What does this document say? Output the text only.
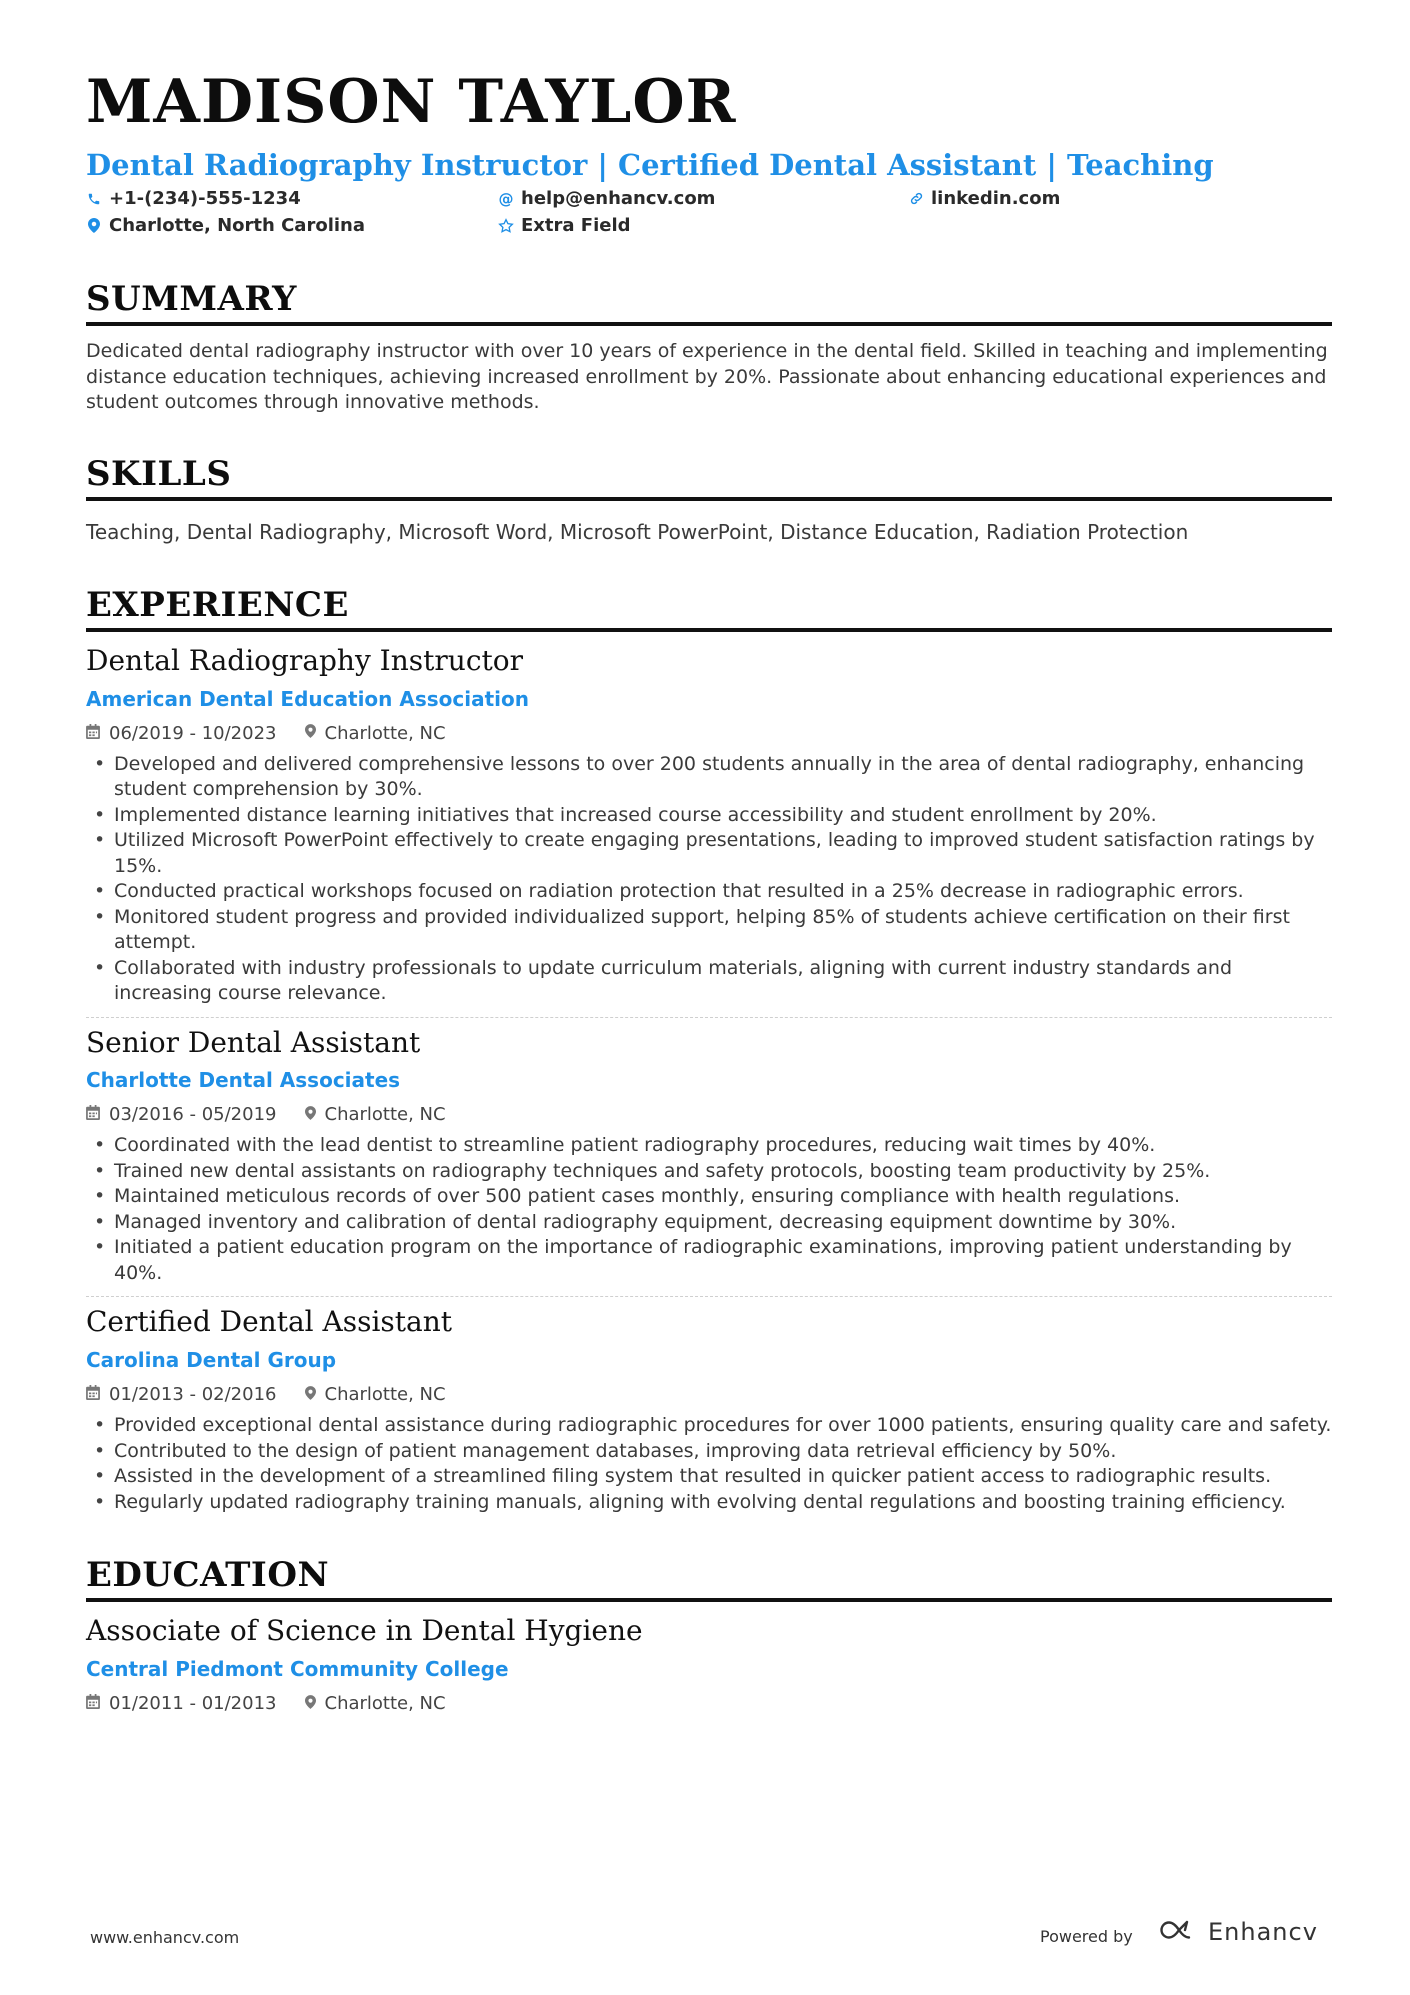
MADISON TAYLOR
Dental Radiography Instructor | Certified Dental Assistant | Teaching
+1-(234)-555-1234	@ help@enhancv.com	linkedin.com
Charlotte, North Carolina	Extra Field
SUMMARY
Dedicated dental radiography instructor with over 10 years of experience in the dental field. Skilled in teaching and implementing distance education techniques, achieving increased enrollment by 20%. Passionate about enhancing educational experiences and student outcomes through innovative methods.
SKILLS
Teaching, Dental Radiography, Microsoft Word, Microsoft PowerPoint, Distance Education, Radiation Protection
EXPERIENCE
Dental Radiography Instructor
American Dental Education Association
06/2019 - 10/2023	Charlotte, NC
• Developed and delivered comprehensive lessons to over 200 students annually in the area of dental radiography, enhancing student comprehension by 30%.
• Implemented distance learning initiatives that increased course accessibility and student enrollment by 20%.
• Utilized Microsoft PowerPoint effectively to create engaging presentations, leading to improved student satisfaction ratings by 15%.
• Conducted practical workshops focused on radiation protection that resulted in a 25% decrease in radiographic errors.
• Monitored student progress and provided individualized support, helping 85% of students achieve certification on their first attempt.
• Collaborated with industry professionals to update curriculum materials, aligning with current industry standards and increasing course relevance.
Senior Dental Assistant
Charlotte Dental Associates
03/2016 - 05/2019	Charlotte, NC
• Coordinated with the lead dentist to streamline patient radiography procedures, reducing wait times by 40%.
• Trained new dental assistants on radiography techniques and safety protocols, boosting team productivity by 25%.
• Maintained meticulous records of over 500 patient cases monthly, ensuring compliance with health regulations.
• Managed inventory and calibration of dental radiography equipment, decreasing equipment downtime by 30%.
• Initiated a patient education program on the importance of radiographic examinations, improving patient understanding by 40%.
Certified Dental Assistant
Carolina Dental Group
01/2013 - 02/2016	Charlotte, NC
• Provided exceptional dental assistance during radiographic procedures for over 1000 patients, ensuring quality care and safety.
• Contributed to the design of patient management databases, improving data retrieval efficiency by 50%.
• Assisted in the development of a streamlined filing system that resulted in quicker patient access to radiographic results.
• Regularly updated radiography training manuals, aligning with evolving dental regulations and boosting training efficiency.
EDUCATION
Associate of Science in Dental Hygiene
Central Piedmont Community College
01/2011 - 01/2013	Charlotte, NC
www.enhancv.com	Powered by	Enhancv
